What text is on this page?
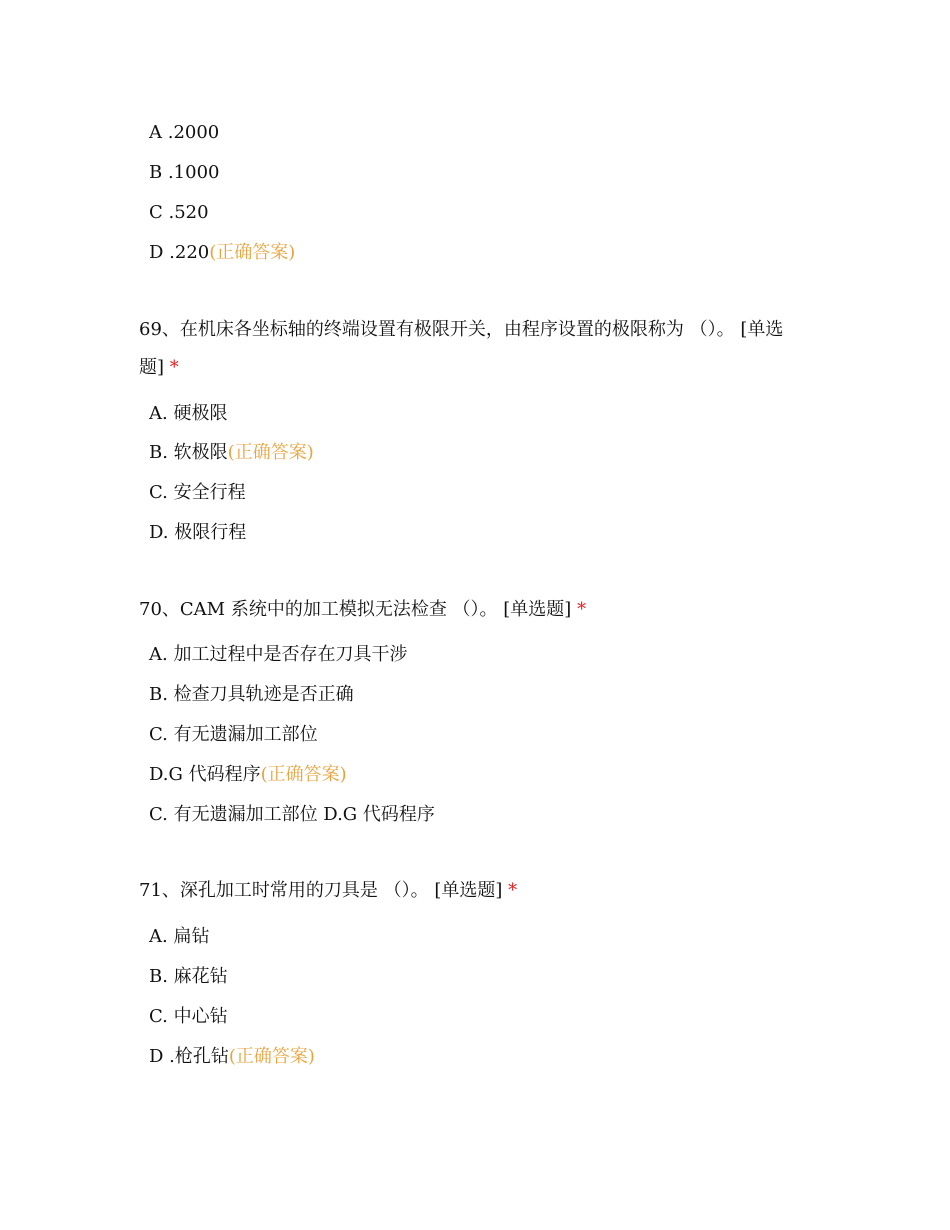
A .2000
B .1000
C .520
D .220(正确答案)
69、在机床各坐标轴的终端设置有极限开关，由程序设置的极限称为 （）。 [单选
题] *
A. 硬极限
B. 软极限(正确答案)
C. 安全行程
D. 极限行程
70、CAM 系统中的加工模拟无法检查 （）。 [单选题] *
A. 加工过程中是否存在刀具干涉
B. 检查刀具轨迹是否正确
C. 有无遗漏加工部位
D.G 代码程序(正确答案)
C. 有无遗漏加工部位 D.G 代码程序
71、深孔加工时常用的刀具是 （）。 [单选题] *
A. 扁钻
B. 麻花钻
C. 中心钻
D .枪孔钻(正确答案)
